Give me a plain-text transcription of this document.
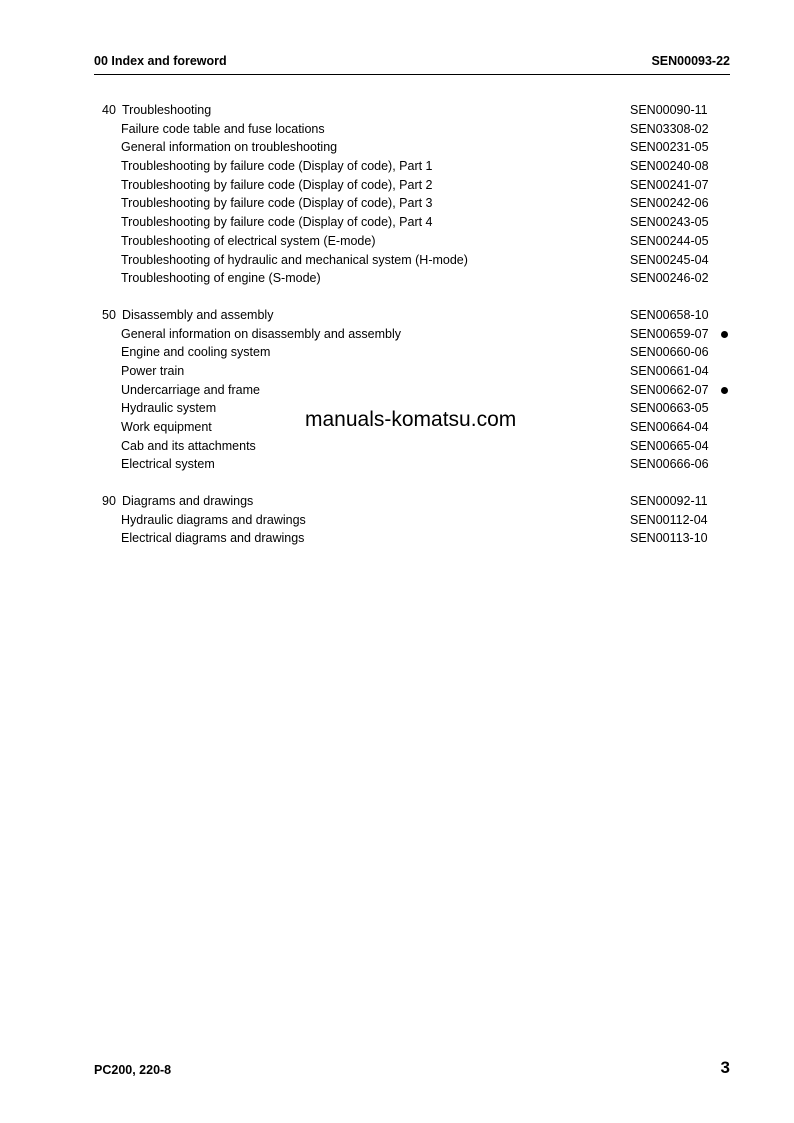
00 Index and foreword	SEN00093-22
40 Troubleshooting	SEN00090-11
Failure code table and fuse locations	SEN03308-02
General information on troubleshooting	SEN00231-05
Troubleshooting by failure code (Display of code), Part 1	SEN00240-08
Troubleshooting by failure code (Display of code), Part 2	SEN00241-07
Troubleshooting by failure code (Display of code), Part 3	SEN00242-06
Troubleshooting by failure code (Display of code), Part 4	SEN00243-05
Troubleshooting of electrical system (E-mode)	SEN00244-05
Troubleshooting of hydraulic and mechanical system (H-mode)	SEN00245-04
Troubleshooting of engine (S-mode)	SEN00246-02
50 Disassembly and assembly	SEN00658-10
General information on disassembly and assembly	SEN00659-07
Engine and cooling system	SEN00660-06
Power train	SEN00661-04
Undercarriage and frame	SEN00662-07
Hydraulic system	SEN00663-05
Work equipment	SEN00664-04
Cab and its attachments	SEN00665-04
Electrical system	SEN00666-06
90 Diagrams and drawings	SEN00092-11
Hydraulic diagrams and drawings	SEN00112-04
Electrical diagrams and drawings	SEN00113-10
manuals-komatsu.com
PC200, 220-8	3
